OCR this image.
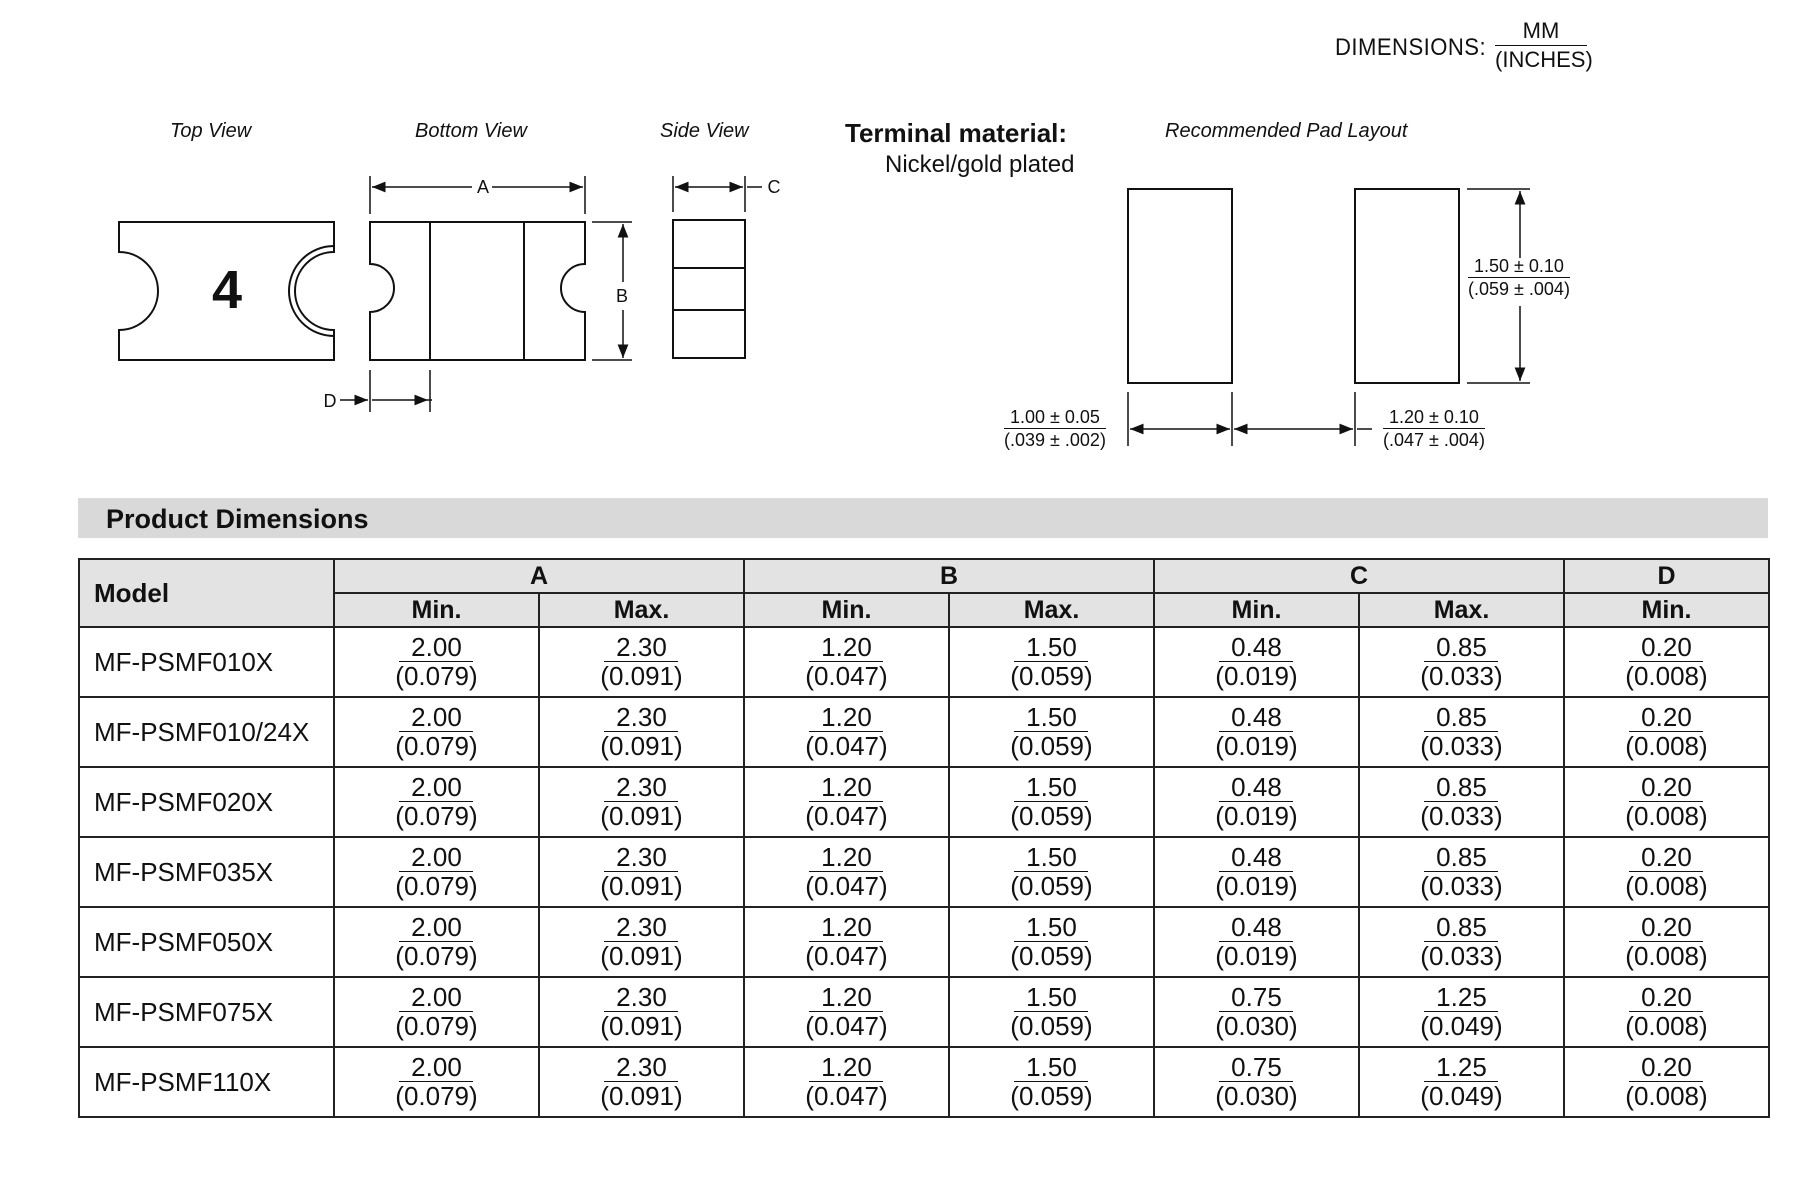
DIMENSIONS:
MM
(INCHES)
Top View	Bottom View	Side View	Recommended Pad Layout
Terminal material:
Nickel/gold plated
4
A
B
C
D
$\frac{1.50 \pm 0.10}{(.059 \pm .004)}$
$\frac{1.00 \pm 0.05}{(.039 \pm .002)}$	$\frac{1.20 \pm 0.10}{(.047 \pm .004)}$
Product Dimensions
Model	A		B		C		D
	Min.	Max.	Min.	Max.	Min.	Max.	Min.
MF-PSMF010X	$\frac{2.00}{(0.079)}$	$\frac{2.30}{(0.091)}$	$\frac{1.20}{(0.047)}$	$\frac{1.50}{(0.059)}$	$\frac{0.48}{(0.019)}$	$\frac{0.85}{(0.033)}$	$\frac{0.20}{(0.008)}$

MF-PSMF010/24X	$\frac{2.00}{(0.079)}$	$\frac{2.30}{(0.091)}$	$\frac{1.20}{(0.047)}$	$\frac{1.50}{(0.059)}$	$\frac{0.48}{(0.019)}$	$\frac{0.85}{(0.033)}$	$\frac{0.20}{(0.008)}$

MF-PSMF020X	$\frac{2.00}{(0.079)}$	$\frac{2.30}{(0.091)}$	$\frac{1.20}{(0.047)}$	$\frac{1.50}{(0.059)}$	$\frac{0.48}{(0.019)}$	$\frac{0.85}{(0.033)}$	$\frac{0.20}{(0.008)}$

MF-PSMF035X	$\frac{2.00}{(0.079)}$	$\frac{2.30}{(0.091)}$	$\frac{1.20}{(0.047)}$	$\frac{1.50}{(0.059)}$	$\frac{0.48}{(0.019)}$	$\frac{0.85}{(0.033)}$	$\frac{0.20}{(0.008)}$

MF-PSMF050X	$\frac{2.00}{(0.079)}$	$\frac{2.30}{(0.091)}$	$\frac{1.20}{(0.047)}$	$\frac{1.50}{(0.059)}$	$\frac{0.48}{(0.019)}$	$\frac{0.85}{(0.033)}$	$\frac{0.20}{(0.008)}$

MF-PSMF075X	$\frac{2.00}{(0.079)}$	$\frac{2.30}{(0.091)}$	$\frac{1.20}{(0.047)}$	$\frac{1.50}{(0.059)}$	$\frac{0.75}{(0.030)}$	$\frac{1.25}{(0.049)}$	$\frac{0.20}{(0.008)}$

MF-PSMF110X	$\frac{2.00}{(0.079)}$	$\frac{2.30}{(0.091)}$	$\frac{1.20}{(0.047)}$	$\frac{1.50}{(0.059)}$	$\frac{0.75}{(0.030)}$	$\frac{1.25}{(0.049)}$	$\frac{0.20}{(0.008)}$
